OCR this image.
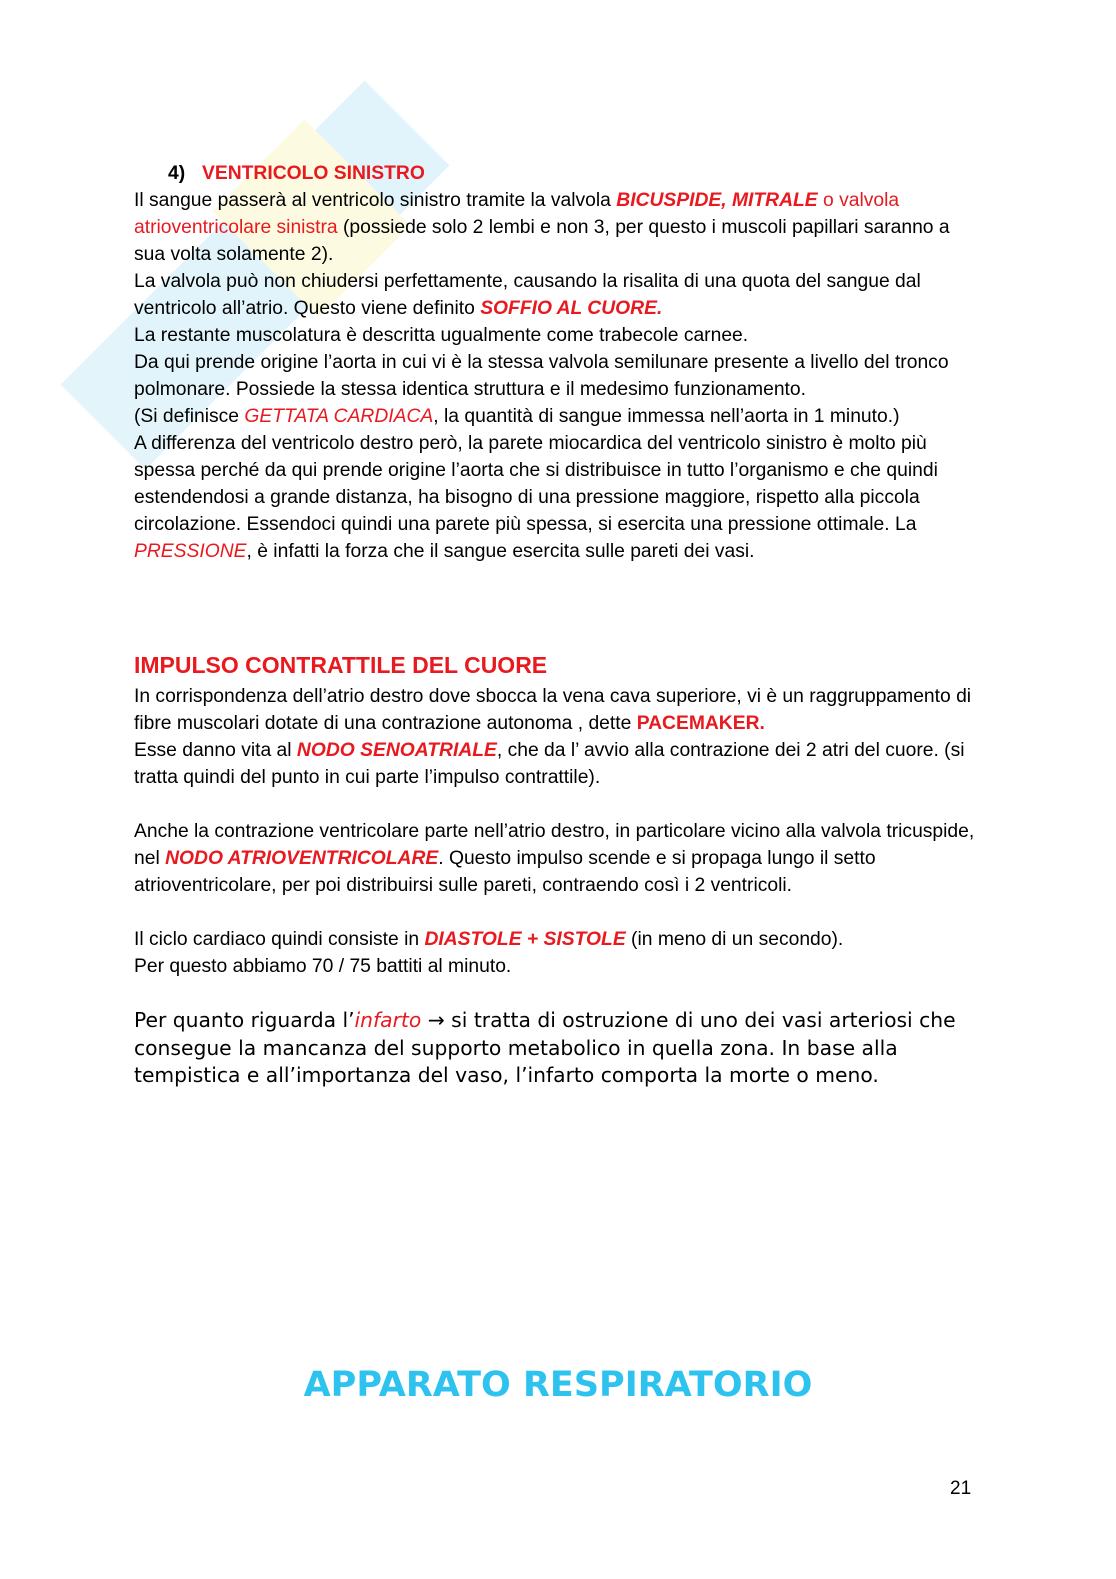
4) VENTRICOLO SINISTRO

Il sangue passerà al ventricolo sinistro tramite la valvola BICUSPIDE, MITRALE o valvola atrioventricolare sinistra (possiede solo 2 lembi e non 3, per questo i muscoli papillari saranno a sua volta solamente 2).

La valvola può non chiudersi perfettamente, causando la risalita di una quota del sangue dal ventricolo all’atrio. Questo viene definito SOFFIO AL CUORE.

La restante muscolatura è descritta ugualmente come trabecole carnee.

Da qui prende origine l’aorta in cui vi è la stessa valvola semilunare presente a livello del tronco polmonare. Possiede la stessa identica struttura e il medesimo funzionamento.

(Si definisce GETTATA CARDIACA, la quantità di sangue immessa nell’aorta in 1 minuto.)

A differenza del ventricolo destro però, la parete miocardica del ventricolo sinistro è molto più spessa perché da qui prende origine l’aorta che si distribuisce in tutto l’organismo e che quindi estendendosi a grande distanza, ha bisogno di una pressione maggiore, rispetto alla piccola circolazione. Essendoci quindi una parete più spessa, si esercita una pressione ottimale. La PRESSIONE, è infatti la forza che il sangue esercita sulle pareti dei vasi.

IMPULSO CONTRATTILE DEL CUORE

In corrispondenza dell’atrio destro dove sbocca la vena cava superiore, vi è un raggruppamento di fibre muscolari dotate di una contrazione autonoma , dette PACEMAKER.

Esse danno vita al NODO SENOATRIALE, che da l’ avvio alla contrazione dei 2 atri del cuore. (si tratta quindi del punto in cui parte l’impulso contrattile).

Anche la contrazione ventricolare parte nell’atrio destro, in particolare vicino alla valvola tricuspide, nel NODO ATRIOVENTRICOLARE. Questo impulso scende e si propaga lungo il setto atrioventricolare, per poi distribuirsi sulle pareti, contraendo così i 2 ventricoli.

Il ciclo cardiaco quindi consiste in DIASTOLE + SISTOLE (in meno di un secondo).

Per questo abbiamo 70 / 75 battiti al minuto.

Per quanto riguarda l’infarto → si tratta di ostruzione di uno dei vasi arteriosi che consegue la mancanza del supporto metabolico in quella zona. In base alla tempistica e all’importanza del vaso, l’infarto comporta la morte o meno.

APPARATO RESPIRATORIO

21
